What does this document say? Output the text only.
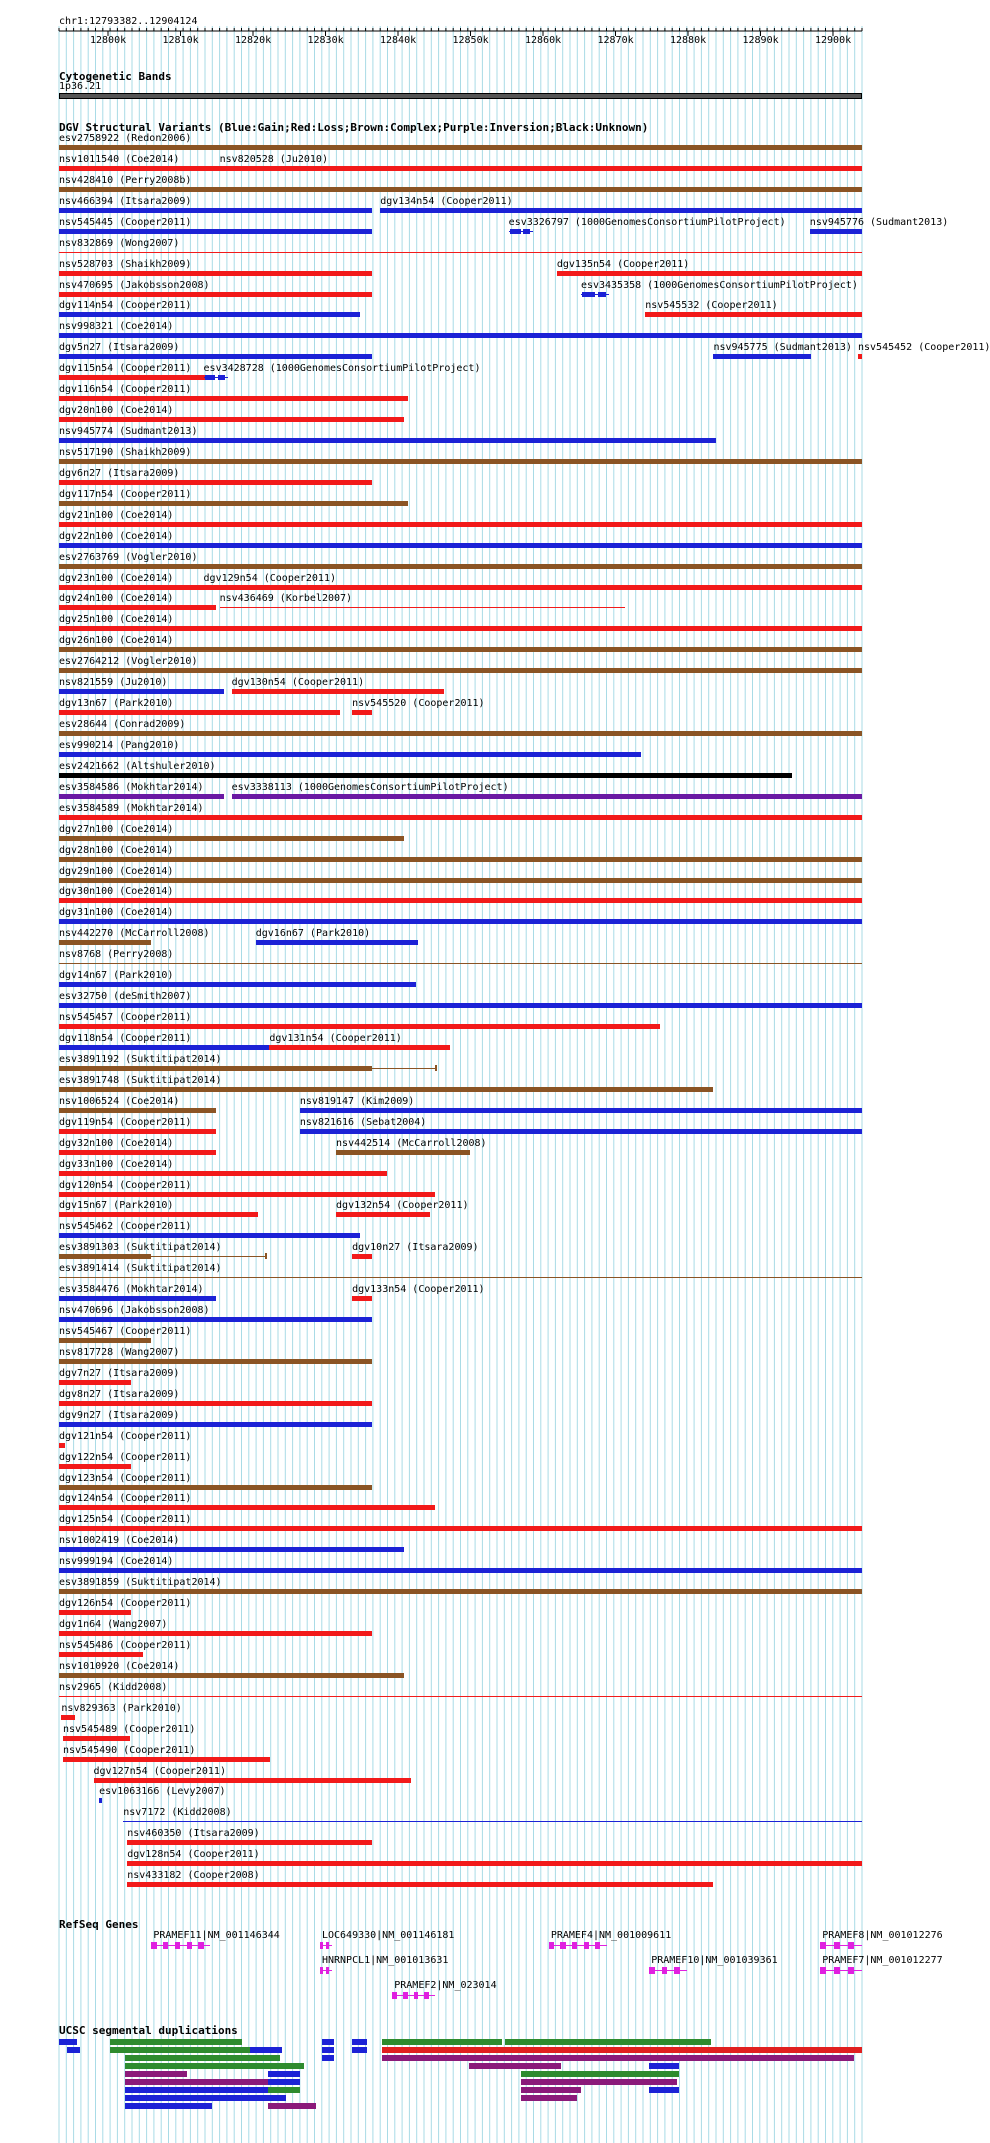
chr1:12793382..12904124
12800k	12810k	12820k	12830k	12840k	12850k	12860k	12870k	12880k	12890k	12900k
Cytogenetic Bands
1p36.21
DGV Structural Variants (Blue:Gain;Red:Loss;Brown:Complex;Purple:Inversion;Black:Unknown)
esv2758922 (Redon2006)
nsv1011540 (Coe2014)	nsv820528 (Ju2010)
nsv428410 (Perry2008b)
nsv466394 (Itsara2009)	dgv134n54 (Cooper2011)
nsv545445 (Cooper2011)	esv3326797 (1000GenomesConsortiumPilotProject) nsv945776 (Sudmant2013)
nsv832869 (Wong2007)
nsv528703 (Shaikh2009)	dgv135n54 (Cooper2011)
nsv470695 (Jakobsson2008)	esv3435358 (1000GenomesConsortiumPilotProject)
dgv114n54 (Cooper2011)	nsv545532 (Cooper2011)
nsv998321 (Coe2014)
dgv5n27 (Itsara2009)	nsv945775 (Sudmant2013) nsv545452 (Cooper2011)
dgv115n54 (Cooper2011) esv3428728 (1000GenomesConsortiumPilotProject)
dgv116n54 (Cooper2011)
dgv20n100 (Coe2014)
nsv945774 (Sudmant2013)
nsv517190 (Shaikh2009)
dgv6n27 (Itsara2009)
dgv117n54 (Cooper2011)
dgv21n100 (Coe2014)
dgv22n100 (Coe2014)
esv2763769 (Vogler2010)
dgv23n100 (Coe2014)	dgv129n54 (Cooper2011)
dgv24n100 (Coe2014)	nsv436469 (Korbel2007)
dgv25n100 (Coe2014)
dgv26n100 (Coe2014)
esv2764212 (Vogler2010)
nsv821559 (Ju2010)	dgv130n54 (Cooper2011)
dgv13n67 (Park2010)	nsv545520 (Cooper2011)
esv28644 (Conrad2009)
esv990214 (Pang2010)
esv2421662 (Altshuler2010)
esv3584586 (Mokhtar2014)	esv3338113 (1000GenomesConsortiumPilotProject)
esv3584589 (Mokhtar2014)
dgv27n100 (Coe2014)
dgv28n100 (Coe2014)
dgv29n100 (Coe2014)
dgv30n100 (Coe2014)
dgv31n100 (Coe2014)
nsv442270 (McCarroll2008)	dgv16n67 (Park2010)
nsv8768 (Perry2008)
dgv14n67 (Park2010)
esv32750 (deSmith2007)
nsv545457 (Cooper2011)
dgv118n54 (Cooper2011)	dgv131n54 (Cooper2011)
esv3891192 (Suktitipat2014)
esv3891748 (Suktitipat2014)
nsv1006524 (Coe2014)	nsv819147 (Kim2009)
dgv119n54 (Cooper2011)	nsv821616 (Sebat2004)
dgv32n100 (Coe2014)	nsv442514 (McCarroll2008)
dgv33n100 (Coe2014)
dgv120n54 (Cooper2011)
dgv15n67 (Park2010)	dgv132n54 (Cooper2011)
nsv545462 (Cooper2011)
esv3891303 (Suktitipat2014)	dgv10n27 (Itsara2009)
esv3891414 (Suktitipat2014)
esv3584476 (Mokhtar2014)	dgv133n54 (Cooper2011)
nsv470696 (Jakobsson2008)
nsv545467 (Cooper2011)
nsv817728 (Wang2007)
dgv7n27 (Itsara2009)
dgv8n27 (Itsara2009)
dgv9n27 (Itsara2009)
dgv121n54 (Cooper2011)
dgv122n54 (Cooper2011)
dgv123n54 (Cooper2011)
dgv124n54 (Cooper2011)
dgv125n54 (Cooper2011)
nsv1002419 (Coe2014)
nsv999194 (Coe2014)
esv3891859 (Suktitipat2014)
dgv126n54 (Cooper2011)
dgv1n64 (Wang2007)
nsv545486 (Cooper2011)
nsv1010920 (Coe2014)
nsv2965 (Kidd2008)
nsv829363 (Park2010)
nsv545489 (Cooper2011)
nsv545490 (Cooper2011)
dgv127n54 (Cooper2011)
esv1063166 (Levy2007)
nsv7172 (Kidd2008)
nsv460350 (Itsara2009)
dgv128n54 (Cooper2011)
nsv433182 (Cooper2008)
RefSeq Genes
PRAMEF11|NM_001146344	LOC649330|NM_001146181	PRAMEF4|NM_001009611	PRAMEF8|NM_001012276
HNRNPCL1|NM_001013631	PRAMEF10|NM_001039361	PRAMEF7|NM_001012277
PRAMEF2|NM_023014
UCSC segmental duplications
